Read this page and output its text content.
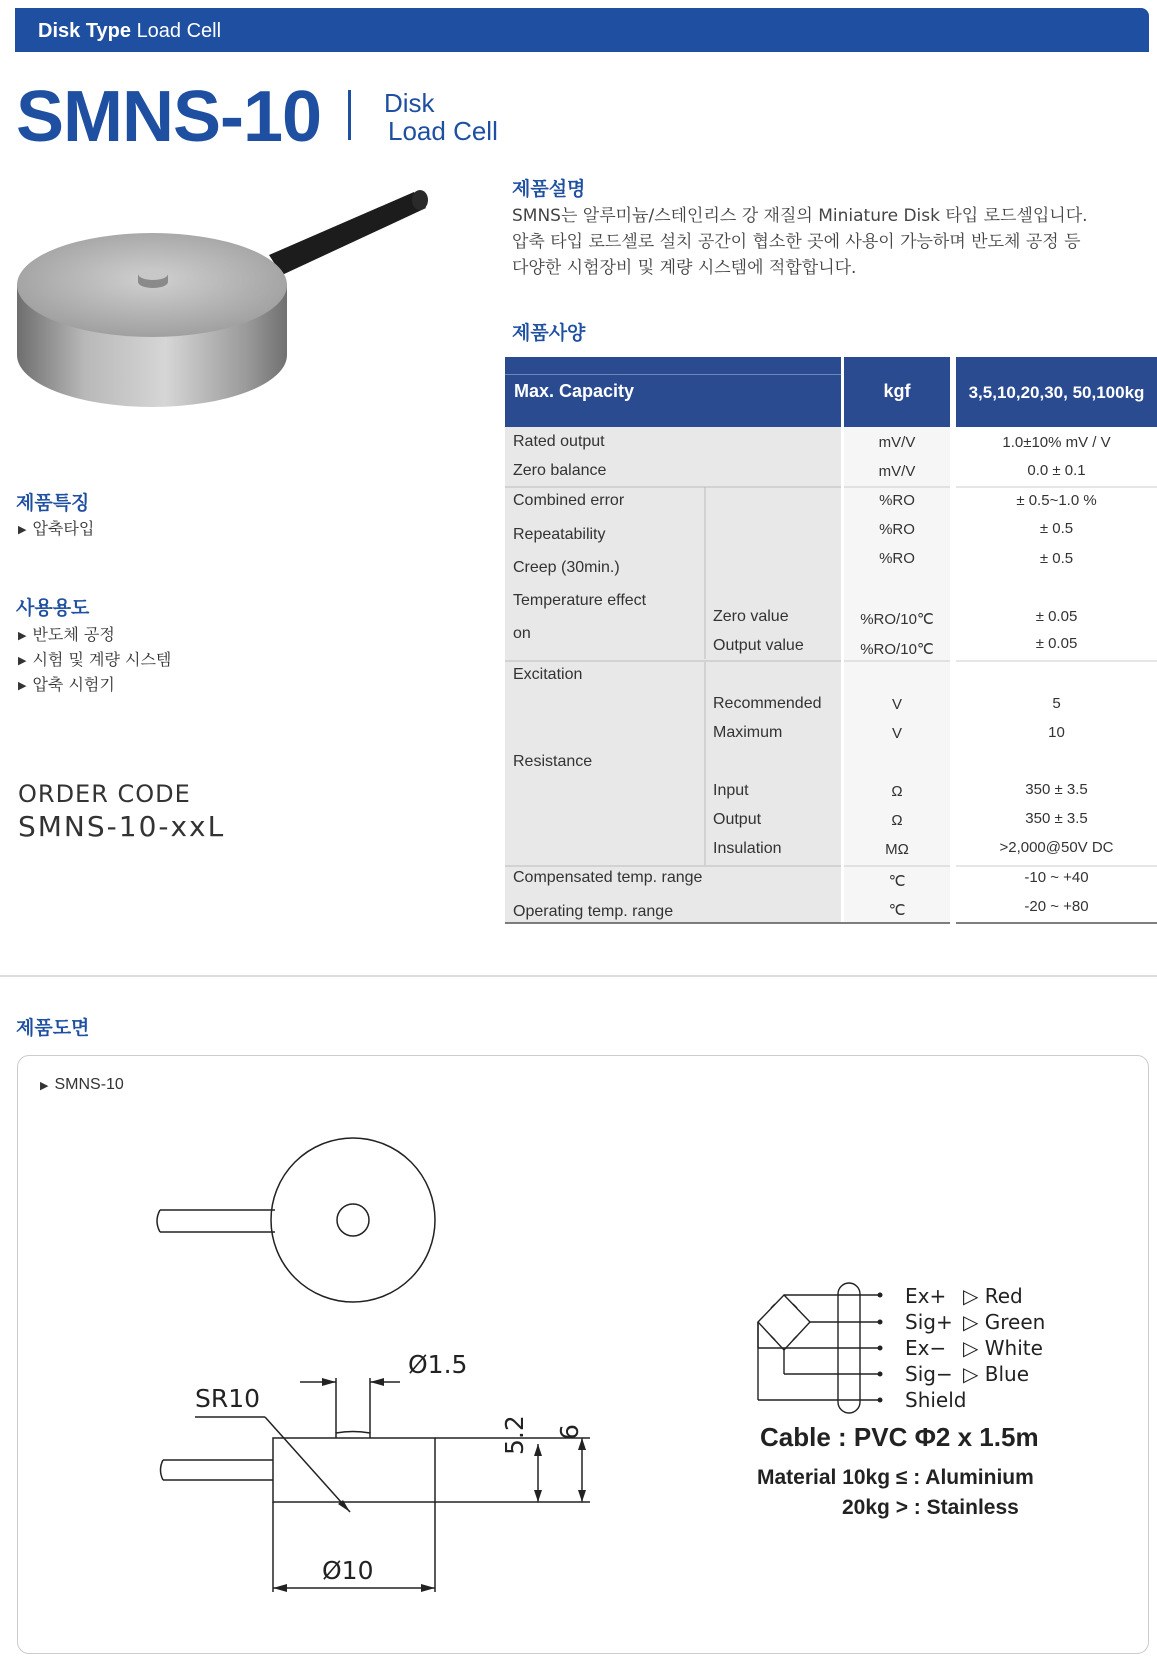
Disk Type Load Cell
SMNS-10 Disk
Load Cell
제품특징
▶ 압축타입
사용용도
▶ 반도체 공정
▶ 시험 및 계량 시스템
▶ 압축 시험기
ORDER CODE
SMNS-10-xxL
제품설명
SMNS는 알루미늄/스테인리스 강 재질의 Miniature Disk 타입 로드셀입니다.
압축 타입 로드셀로 설치 공간이 협소한 곳에 사용이 가능하며 반도체 공정 등
다양한 시험장비 및 계량 시스템에 적합합니다.
제품사양
Max. Capacity	kgf	3,5,10,20,30, 50,100kg
Rated output
Zero balance
Combined error
Repeatability
Creep (30min.)
Temperature effect
on
Zero value
Output value
Excitation
Recommended
Maximum
Resistance
Input
Output
Insulation
Compensated temp. range
Operating temp. range
mV/V
mV/V
%RO
%RO
%RO
%RO/10℃
%RO/10℃
V
V
Ω
Ω
MΩ
℃
℃
1.0±10% mV / V
0.0 ± 0.1
± 0.5~1.0 %
± 0.5
± 0.5
± 0.05
± 0.05
5
10
350 ± 3.5
350 ± 3.5
>2,000@50V DC
-10 ~ +40
-20 ~ +80
제품도면
▶ SMNS-10
Ø1.5
SR10
5.2 6
Ø10
Ex+ ▷ Red
Sig+ ▷ Green
Ex− ▷ White
Sig− ▷ Blue
Shield
Cable : PVC Φ2 x 1.5m
Material 10kg ≤ : Aluminium
20kg > : Stainless
